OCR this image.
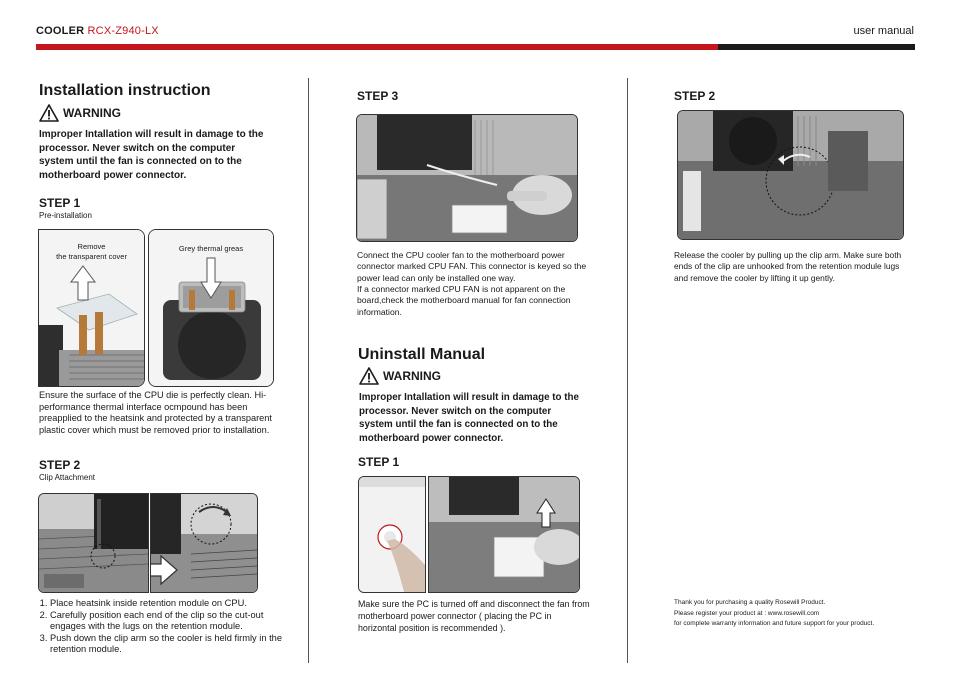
COOLER RCX-Z940-LX	user manual
Installation instruction
WARNING

Improper Intallation will result in damage to the processor. Never switch on the computer system until the fan is connected on to the motherboard power connector.

STEP 1

Pre-installation

Remove
the transparent cover
Grey thermal greas

Ensure the surface of the CPU die is perfectly clean. Hi-performance thermal interface ocmpound has been preapplied to the heatsink and protected by a transparent plastic cover which must be removed prior to installation.

STEP 2

Clip Attachment

1. Place heatsink inside retention module on CPU.
2. Carefully position each end of the clip so the cut-out engages with the lugs on the retention module.
3. Push down the clip arm so the cooler is held firmly in the retention module.

STEP 3

Connect the CPU cooler fan to the motherboard power connector marked CPU FAN. This connector is keyed so the power lead can only be installed one way.

If a connector marked CPU FAN is not apparent on the board,check the motherboard manual for fan connection information.

Uninstall Manual
WARNING

Improper Intallation will result in damage to the processor. Never switch on the computer system until the fan is connected on to the motherboard power connector.

STEP 1

Make sure the PC is turned off and disconnect the fan from motherboard power connector ( placing the PC in horizontal position is recommended ).

STEP 2

Release the cooler by pulling up the clip arm. Make sure both ends of the clip are unhooked from the retention module lugs and remove the cooler by lifting it up gently.

Thank you for purchasing a quality Rosewill Product.

Please register your product at : www.rosewill.com

for complete warranty information and future support for your product.
